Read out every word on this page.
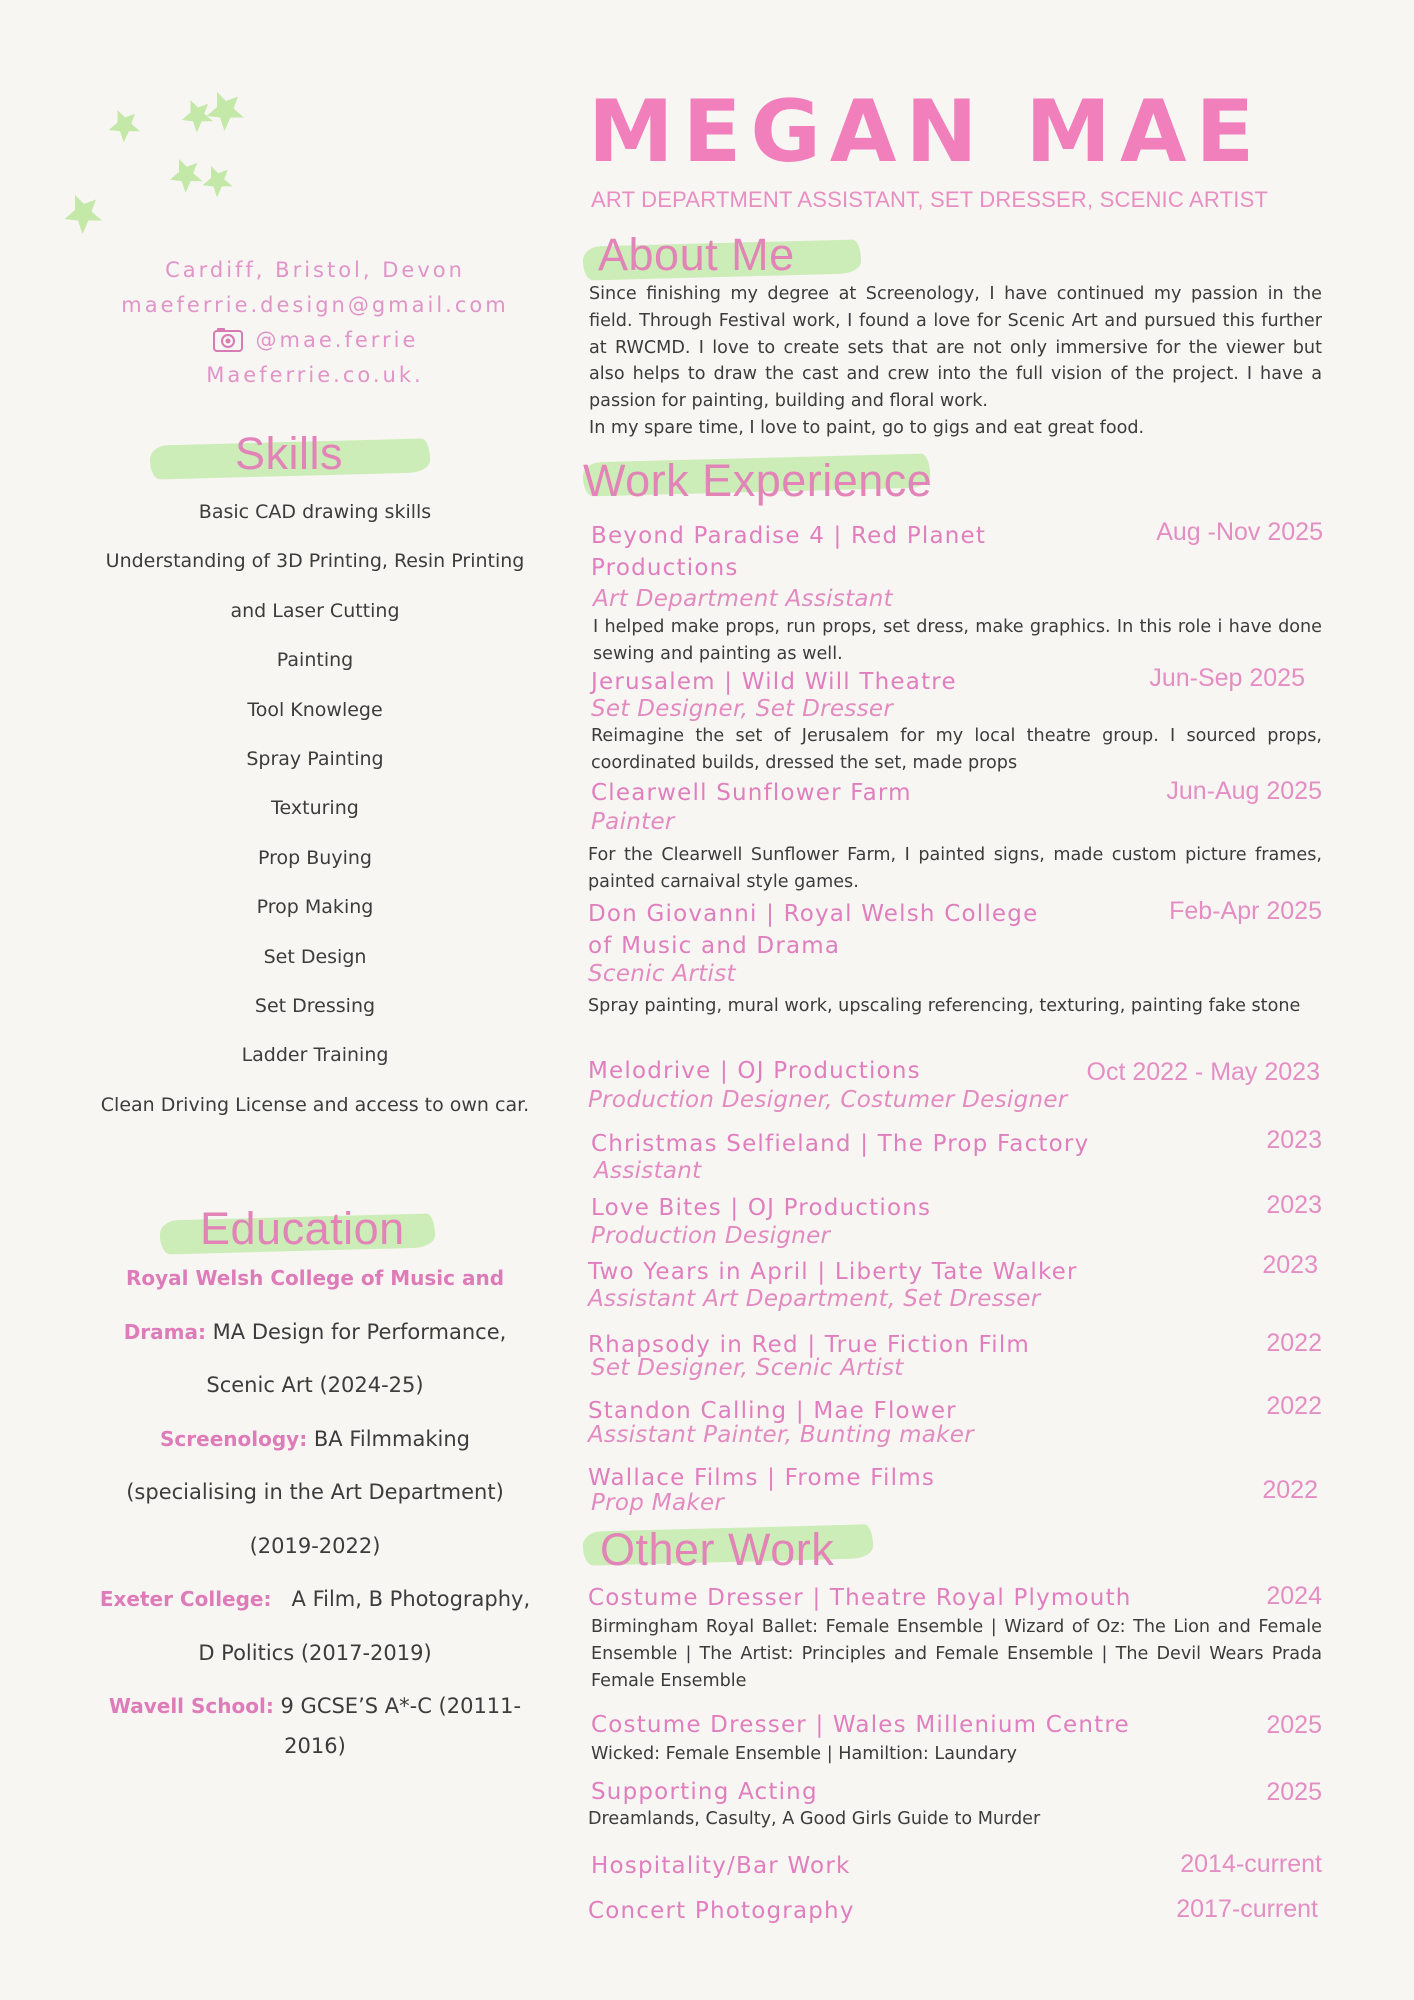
Cardiff, Bristol, Devon
maeferrie.design@gmail.com
@mae.ferrie
Maeferrie.co.uk.
Skills
Basic CAD drawing skills
Understanding of 3D Printing, Resin Printing
and Laser Cutting
Painting
Tool Knowlege
Spray Painting
Texturing
Prop Buying
Prop Making
Set Design
Set Dressing
Ladder Training
Clean Driving License and access to own car.
Education
Royal Welsh College of Music and
Drama: MA Design for Performance,
Scenic Art (2024-25)
Screenology: BA Filmmaking
(specialising in the Art Department)
(2019-2022)
Exeter College:   A Film, B Photography,
D Politics (2017-2019)
Wavell School: 9 GCSE’S A*-C (20111-2016)
MEGAN MAE
ART DEPARTMENT ASSISTANT, SET DRESSER, SCENIC ARTIST
About Me

Since finishing my degree at Screenology, I have continued my passion in the field. Through Festival work, I found a love for Scenic Art and pursued this further at RWCMD. I love to create sets that are not only immersive for the viewer but also helps to draw the cast and crew into the full vision of the project. I have a passion for painting, building and floral work.

In my spare time, I love to paint, go to gigs and eat great food.

Work Experience
Beyond Paradise 4 | Red Planet Productions
Aug -Nov 2025
Art Department Assistant
I helped make props, run props, set dress, make graphics. In this role i have done sewing and painting as well.
Jerusalem | Wild Will Theatre	Jun-Sep 2025
Set Designer, Set Dresser
Reimagine the set of Jerusalem for my local theatre group. I sourced props, coordinated builds, dressed the set, made props
Clearwell Sunflower Farm	Jun-Aug 2025
Painter
For the Clearwell Sunflower Farm, I painted signs, made custom picture frames, painted carnaival style games.
Don Giovanni | Royal Welsh College of Music and Drama
Feb-Apr 2025
Scenic Artist
Spray painting, mural work, upscaling referencing, texturing, painting fake stone
Melodrive | OJ Productions	Oct 2022 - May 2023
Production Designer, Costumer Designer
Christmas Selfieland | The Prop Factory	2023
Assistant
Love Bites | OJ Productions	2023
Production Designer
Two Years in April | Liberty Tate Walker	2023
Assistant Art Department, Set Dresser
Rhapsody in Red | True Fiction Film	2022
Set Designer, Scenic Artist
Standon Calling | Mae Flower	2022
Assistant Painter, Bunting maker
Wallace Films | Frome Films	2022
Prop Maker
Other Work
Costume Dresser | Theatre Royal Plymouth	2024
Birmingham Royal Ballet: Female Ensemble | Wizard of Oz: The Lion and Female Ensemble | The Artist: Principles and Female Ensemble | The Devil Wears Prada Female Ensemble
Costume Dresser | Wales Millenium Centre	2025
Wicked: Female Ensemble | Hamiltion: Laundary
Supporting Acting	2025
Dreamlands, Casulty, A Good Girls Guide to Murder
Hospitality/Bar Work	2014-current
Concert Photography	2017-current
